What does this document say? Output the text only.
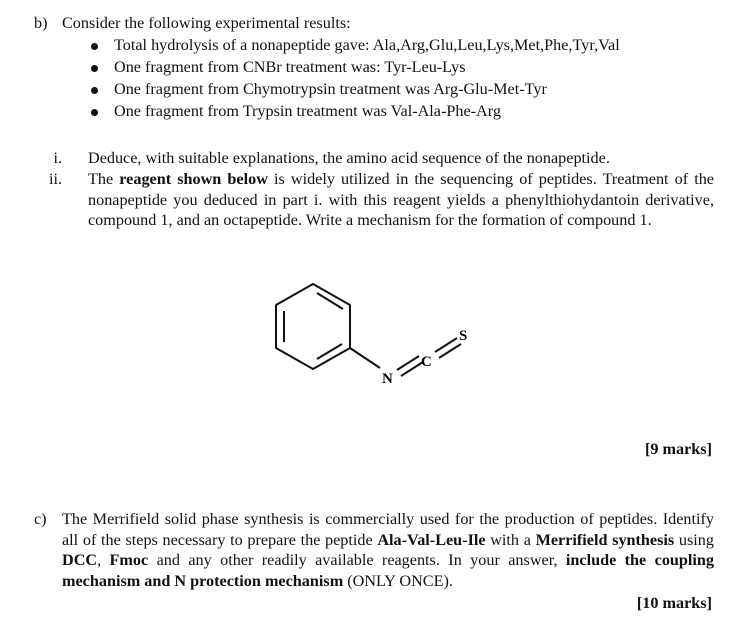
b) Consider the following experimental results:
Total hydrolysis of a nonapeptide gave: Ala,Arg,Glu,Leu,Lys,Met,Phe,Tyr,Val
One fragment from CNBr treatment was: Tyr-Leu-Lys
One fragment from Chymotrypsin treatment was Arg-Glu-Met-Tyr
One fragment from Trypsin treatment was Val-Ala-Phe-Arg
i. Deduce, with suitable explanations, the amino acid sequence of the nonapeptide.
ii. The reagent shown below is widely utilized in the sequencing of peptides. Treatment of the nonapeptide you deduced in part i. with this reagent yields a phenylthiohydantoin derivative, compound 1, and an octapeptide. Write a mechanism for the formation of compound 1.
N
C
S
[9 marks]
c) The Merrifield solid phase synthesis is commercially used for the production of peptides. Identify all of the steps necessary to prepare the peptide Ala-Val-Leu-Ile with a Merrifield synthesis using DCC, Fmoc and any other readily available reagents. In your answer, include the coupling mechanism and N protection mechanism (ONLY ONCE).
[10 marks]
